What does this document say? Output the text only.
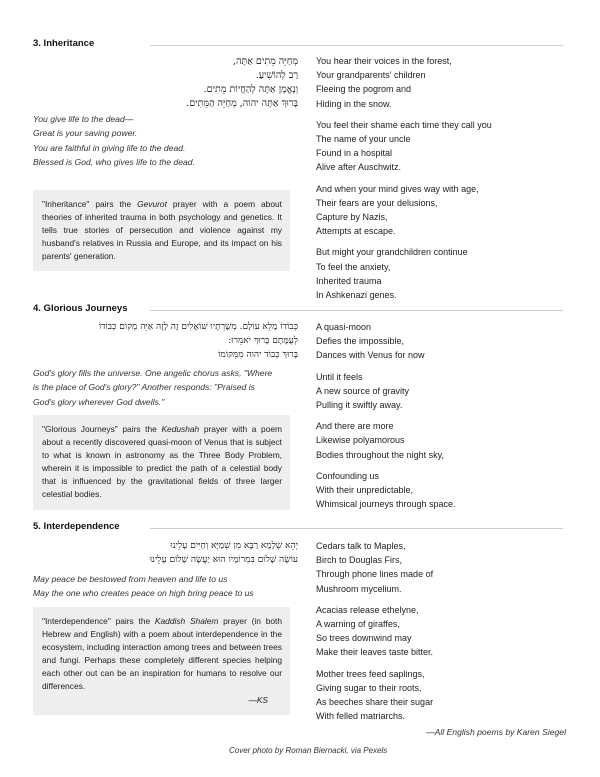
3. Inheritance
מְחַיֵּה מֵתִים אַתָּה,
רַב לְהוֹשִׁיעַ.
וְנֶאֱמָן אַתָּה לְהַחֲיוֹת מֵתִים.
בָּרוּךְ אַתָּה יהוה, מְחַיֵּה הַמֵּתִים.
You give life to the dead—
Great is your saving power.
You are faithful in giving life to the dead.
Blessed is God, who gives life to the dead.
"Inheritance" pairs the Gevurot prayer with a poem about theories of inherited trauma in both psychology and genetics. It tells true stories of persecution and violence against my husband's relatives in Russia and Europe, and its impact on his parents' generation.
You hear their voices in the forest,
Your grandparents' children
Fleeing the pogrom and
Hiding in the snow.
You feel their shame each time they call you
The name of your uncle
Found in a hospital
Alive after Auschwitz.
And when your mind gives way with age,
Their fears are your delusions,
Capture by Nazis,
Attempts at escape.
But might your grandchildren continue
To feel the anxiety,
Inherited trauma
In Ashkenazi genes.
4. Glorious Journeys
כְּבוֹדוֹ מָלֵא עוֹלָם. מְשָׁרְתָיו שׁוֹאֲלִים זֶה לָזֶה אַיֵּה מְקוֹם כְּבוֹדוֹ
לְעֻמָּתָם בָּרוּךְ יֹאמֵרוּ:
בָּרוּךְ כְּבוֹד יהוה מִמְּקוֹמוֹ
God's glory fills the universe. One angelic chorus asks, "Where
is the place of God's glory?" Another responds: "Praised is
God's glory wherever God dwells."
"Glorious Journeys" pairs the Kedushah prayer with a poem about a recently discovered quasi-moon of Venus that is subject to what is known in astronomy as the Three Body Problem, wherein it is impossible to predict the path of a celestial body that is influenced by the gravitational fields of three larger celestial bodies.
A quasi-moon
Defies the impossible,
Dances with Venus for now
Until it feels
A new source of gravity
Pulling it swiftly away.
And there are more
Likewise polyamorous
Bodies throughout the night sky,
Confounding us
With their unpredictable,
Whimsical journeys through space.
5. Interdependence
יְהֵא שְׁלָמָא רַבָּא מִן שְׁמַיָּא וְחַיִּים עָלֵינוּ
עוֹשֶׂה שָׁלוֹם בִּמְרוֹמָיו הוּא יַעֲשֶׂה שָׁלוֹם עָלֵינוּ
May peace be bestowed from heaven and life to us
May the one who creates peace on high bring peace to us
"Interdependence" pairs the Kaddish Shalem prayer (in both Hebrew and English) with a poem about interdependence in the ecosystem, including interaction among trees and between trees and fungi. Perhaps these completely different species helping each other out can be an inspiration for humans to resolve our differences.
—KS
Cedars talk to Maples,
Birch to Douglas Firs,
Through phone lines made of
Mushroom mycelium.
Acacias release ethelyne,
A warning of giraffes,
So trees downwind may
Make their leaves taste bitter.
Mother trees feed saplings,
Giving sugar to their roots,
As beeches share their sugar
With felled matriarchs.
—All English poems by Karen Siegel
Cover photo by Roman Biernacki, via Pexels
